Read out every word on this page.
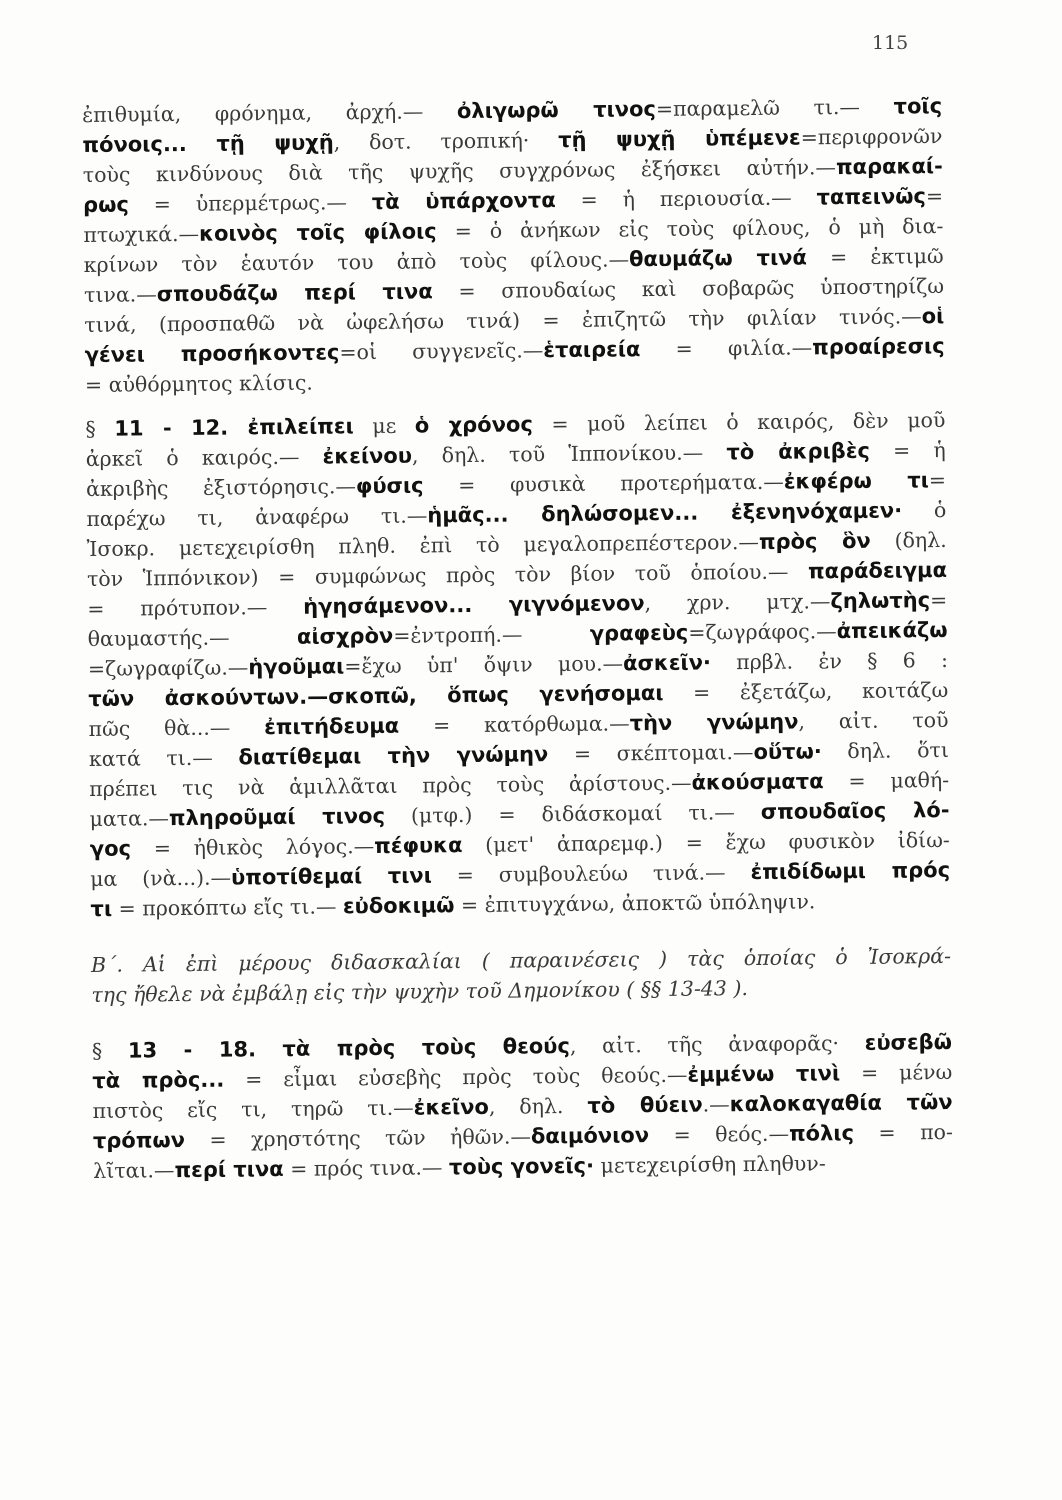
115
ἐπιθυμία, φρόνημα, ἀρχή.— ὀλιγωρῶ τινος=παραμελῶ τι.— τοῖς
πόνοις... τῇ ψυχῇ, δοτ. τροπική· τῇ ψυχῇ ὑπέμενε=περιφρονῶν
τοὺς κινδύνους διὰ τῆς ψυχῆς συγχρόνως ἐξήσκει αὐτήν.—παρακαί-
ρως = ὑπερμέτρως.— τὰ ὑπάρχοντα = ἡ περιουσία.— ταπεινῶς=
πτωχικά.—κοινὸς τοῖς φίλοις = ὁ ἀνήκων εἰς τοὺς φίλους, ὁ μὴ δια-
κρίνων τὸν ἑαυτόν του ἀπὸ τοὺς φίλους.—θαυμάζω τινά = ἐκτιμῶ
τινα.—σπουδάζω περί τινα = σπουδαίως καὶ σοβαρῶς ὑποστηρίζω
τινά, (προσπαθῶ νὰ ὠφελήσω τινά) = ἐπιζητῶ τὴν φιλίαν τινός.—οἱ
γένει προσήκοντες=οἱ συγγενεῖς.—ἑταιρεία = φιλία.—προαίρεσις
= αὐθόρμητος κλίσις.
§ 11 - 12. ἐπιλείπει με ὁ χρόνος = μοῦ λείπει ὁ καιρός, δὲν μοῦ
ἀρκεῖ ὁ καιρός.— ἐκείνου, δηλ. τοῦ Ἱππονίκου.— τὸ ἀκριβὲς = ἡ
ἀκριβὴς ἐξιστόρησις.—φύσις = φυσικὰ προτερήματα.—ἐκφέρω τι=
παρέχω τι, ἀναφέρω τι.—ἡμᾶς... δηλώσομεν... ἐξενηνόχαμεν· ὁ
Ἰσοκρ. μετεχειρίσθη πληθ. ἐπὶ τὸ μεγαλοπρεπέστερον.—πρὸς ὃν (δηλ.
τὸν Ἱππόνικον) = συμφώνως πρὸς τὸν βίον τοῦ ὁποίου.— παράδειγμα
= πρότυπον.— ἡγησάμενον... γιγνόμενον, χρν. μτχ.—ζηλωτὴς=
θαυμαστής.— αἰσχρὸν=ἐντροπή.— γραφεὺς=ζωγράφος.—ἀπεικάζω
=ζωγραφίζω.—ἡγοῦμαι=ἔχω ὑπ' ὄψιν μου.—ἀσκεῖν· πρβλ. ἐν § 6 :
τῶν ἀσκούντων.—σκοπῶ, ὅπως γενήσομαι = ἐξετάζω, κοιτάζω
πῶς θὰ...— ἐπιτήδευμα = κατόρθωμα.—τὴν γνώμην, αἰτ. τοῦ
κατά τι.— διατίθεμαι τὴν γνώμην = σκέπτομαι.—οὕτω· δηλ. ὅτι
πρέπει τις νὰ ἁμιλλᾶται πρὸς τοὺς ἀρίστους.—ἀκούσματα = μαθή-
ματα.—πληροῦμαί τινος (μτφ.) = διδάσκομαί τι.— σπουδαῖος λό-
γος = ἠθικὸς λόγος.—πέφυκα (μετ' ἀπαρεμφ.) = ἔχω φυσικὸν ἰδίω-
μα (νὰ...).—ὑποτίθεμαί τινι = συμβουλεύω τινά.— ἐπιδίδωμι πρός
τι = προκόπτω εἴς τι.— εὐδοκιμῶ = ἐπιτυγχάνω, ἀποκτῶ ὑπόληψιν.
Β΄. Αἱ ἐπὶ μέρους διδασκαλίαι ( παραινέσεις ) τὰς ὁποίας ὁ Ἰσοκρά-
της ἤθελε νὰ ἐμβάλῃ εἰς τὴν ψυχὴν τοῦ Δημονίκου ( §§ 13-43 ).
§ 13 - 18. τὰ πρὸς τοὺς θεούς, αἰτ. τῆς ἀναφορᾶς· εὐσεβῶ
τὰ πρὸς... = εἶμαι εὐσεβὴς πρὸς τοὺς θεούς.—ἐμμένω τινὶ = μένω
πιστὸς εἴς τι, τηρῶ τι.—ἐκεῖνο, δηλ. τὸ θύειν.—καλοκαγαθία τῶν
τρόπων = χρηστότης τῶν ἠθῶν.—δαιμόνιον = θεός.—πόλις = πο-
λῖται.—περί τινα = πρός τινα.— τοὺς γονεῖς· μετεχειρίσθη πληθυν-
